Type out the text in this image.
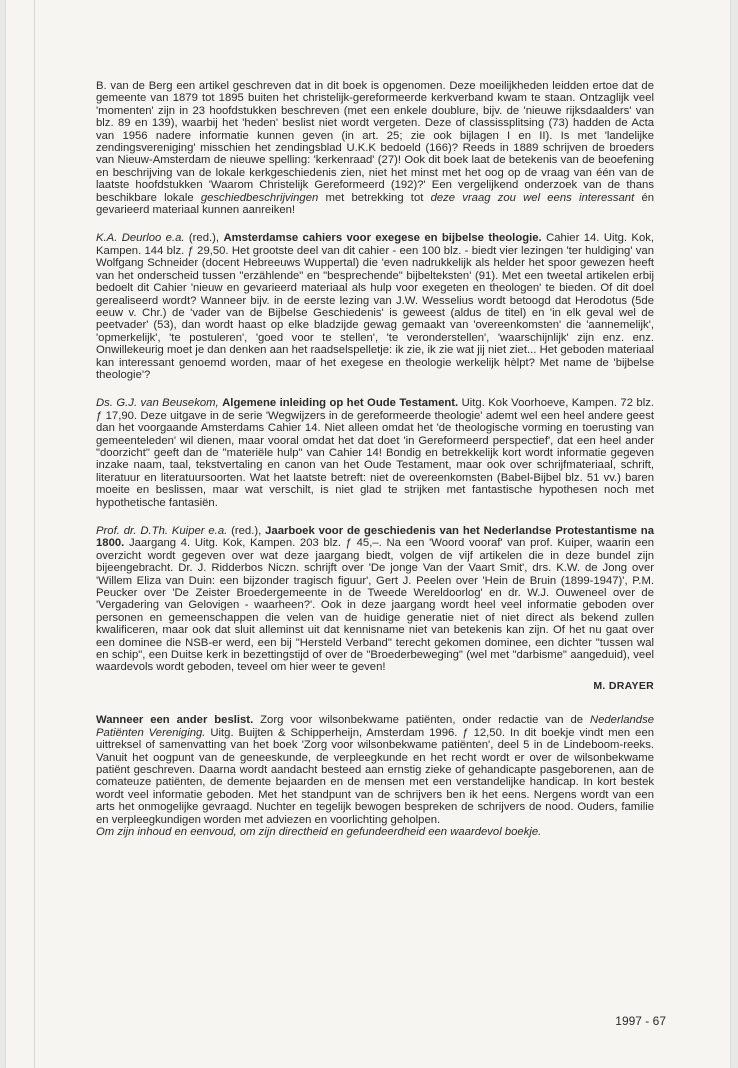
B. van de Berg een artikel geschreven dat in dit boek is opgenomen. Deze moeilijkheden leidden ertoe dat de gemeente van 1879 tot 1895 buiten het christelijk-gereformeerde kerkverband kwam te staan. Ontzaglijk veel 'momenten' zijn in 23 hoofdstukken beschreven (met een enkele doublure, bijv. de 'nieuwe rijksdaalders' van blz. 89 en 139), waarbij het 'heden' beslist niet wordt vergeten. Deze of classissplitsing (73) hadden de Acta van 1956 nadere informatie kunnen geven (in art. 25; zie ook bijlagen I en II). Is met 'landelijke zendingsvereniging' misschien het zendingsblad U.K.K bedoeld (166)? Reeds in 1889 schrijven de broeders van Nieuw-Amsterdam de nieuwe spelling: 'kerkenraad' (27)! Ook dit boek laat de betekenis van de beoefening en beschrijving van de lokale kerkgeschiedenis zien, niet het minst met het oog op de vraag van één van de laatste hoofdstukken 'Waarom Christelijk Gereformeerd (192)?' Een vergelijkend onderzoek van de thans beschikbare lokale geschiedbeschrijvingen met betrekking tot deze vraag zou wel eens interessant én gevarieerd materiaal kunnen aanreiken!

K.A. Deurloo e.a. (red.), Amsterdamse cahiers voor exegese en bijbelse theologie. Cahier 14. Uitg. Kok, Kampen. 144 blz. ƒ 29,50. Het grootste deel van dit cahier - een 100 blz. - biedt vier lezingen 'ter huldiging' van Wolfgang Schneider (docent Hebreeuws Wuppertal) die 'even nadrukkelijk als helder het spoor gewezen heeft van het onderscheid tussen "erzählende" en "besprechende" bijbelteksten' (91). Met een tweetal artikelen erbij bedoelt dit Cahier 'nieuw en gevarieerd materiaal als hulp voor exegeten en theologen' te bieden. Of dit doel gerealiseerd wordt? Wanneer bijv. in de eerste lezing van J.W. Wesselius wordt betoogd dat Herodotus (5de eeuw v. Chr.) de 'vader van de Bijbelse Geschiedenis' is geweest (aldus de titel) en 'in elk geval wel de peetvader' (53), dan wordt haast op elke bladzijde gewag gemaakt van 'overeenkomsten' die 'aannemelijk', 'opmerkelijk', 'te postuleren', 'goed voor te stellen', 'te veronderstellen', 'waarschijnlijk' zijn enz. enz. Onwillekeurig moet je dan denken aan het raadselspelletje: ik zie, ik zie wat jij niet ziet... Het geboden materiaal kan interessant genoemd worden, maar of het exegese en theologie werkelijk hèlpt? Met name de 'bijbelse theologie'?

Ds. G.J. van Beusekom, Algemene inleiding op het Oude Testament. Uitg. Kok Voorhoeve, Kampen. 72 blz. ƒ 17,90. Deze uitgave in de serie 'Wegwijzers in de gereformeerde theologie' ademt wel een heel andere geest dan het voorgaande Amsterdams Cahier 14. Niet alleen omdat het 'de theologische vorming en toerusting van gemeenteleden' wil dienen, maar vooral omdat het dat doet 'in Gereformeerd perspectief', dat een heel ander "doorzicht" geeft dan de "materiële hulp" van Cahier 14! Bondig en betrekkelijk kort wordt informatie gegeven inzake naam, taal, tekstvertaling en canon van het Oude Testament, maar ook over schrijfmateriaal, schrift, literatuur en literatuursoorten. Wat het laatste betreft: niet de overeenkomsten (Babel-Bijbel blz. 51 vv.) baren moeite en beslissen, maar wat verschilt, is niet glad te strijken met fantastische hypothesen noch met hypothetische fantasiën.

Prof. dr. D.Th. Kuiper e.a. (red.), Jaarboek voor de geschiedenis van het Nederlandse Protestantisme na 1800. Jaargang 4. Uitg. Kok, Kampen. 203 blz. ƒ 45,–. Na een 'Woord vooraf' van prof. Kuiper, waarin een overzicht wordt gegeven over wat deze jaargang biedt, volgen de vijf artikelen die in deze bundel zijn bijeengebracht. Dr. J. Ridderbos Niczn. schrijft over 'De jonge Van der Vaart Smit', drs. K.W. de Jong over 'Willem Eliza van Duin: een bijzonder tragisch figuur', Gert J. Peelen over 'Hein de Bruin (1899-1947)', P.M. Peucker over 'De Zeister Broedergemeente in de Tweede Wereldoorlog' en dr. W.J. Ouweneel over de 'Vergadering van Gelovigen - waarheen?'. Ook in deze jaargang wordt heel veel informatie geboden over personen en gemeenschappen die velen van de huidige generatie niet of niet direct als bekend zullen kwalificeren, maar ook dat sluit alleminst uit dat kennisname niet van betekenis kan zijn. Of het nu gaat over een dominee die NSB-er werd, een bij "Hersteld Verband" terecht gekomen dominee, een dichter "tussen wal en schip", een Duitse kerk in bezettingstijd of over de "Broederbeweging" (wel met "darbisme" aangeduid), veel waardevols wordt geboden, teveel om hier weer te geven!

M. DRAYER

Wanneer een ander beslist. Zorg voor wilsonbekwame patiënten, onder redactie van de Nederlandse Patiënten Vereniging. Uitg. Buijten & Schipperheijn, Amsterdam 1996. ƒ 12,50. In dit boekje vindt men een uittreksel of samenvatting van het boek 'Zorg voor wilsonbekwame patiënten', deel 5 in de Lindeboom-reeks. Vanuit het oogpunt van de geneeskunde, de verpleegkunde en het recht wordt er over de wilsonbekwame patiënt geschreven. Daarna wordt aandacht besteed aan ernstig zieke of gehandicapte pasgeborenen, aan de comateuze patiënten, de demente bejaarden en de mensen met een verstandelijke handicap. In kort bestek wordt veel informatie geboden. Met het standpunt van de schrijvers ben ik het eens. Nergens wordt van een arts het onmogelijke gevraagd. Nuchter en tegelijk bewogen bespreken de schrijvers de nood. Ouders, familie en verpleegkundigen worden met adviezen en voorlichting geholpen.
Om zijn inhoud en eenvoud, om zijn directheid en gefundeerdheid een waardevol boekje.

1997 - 67
